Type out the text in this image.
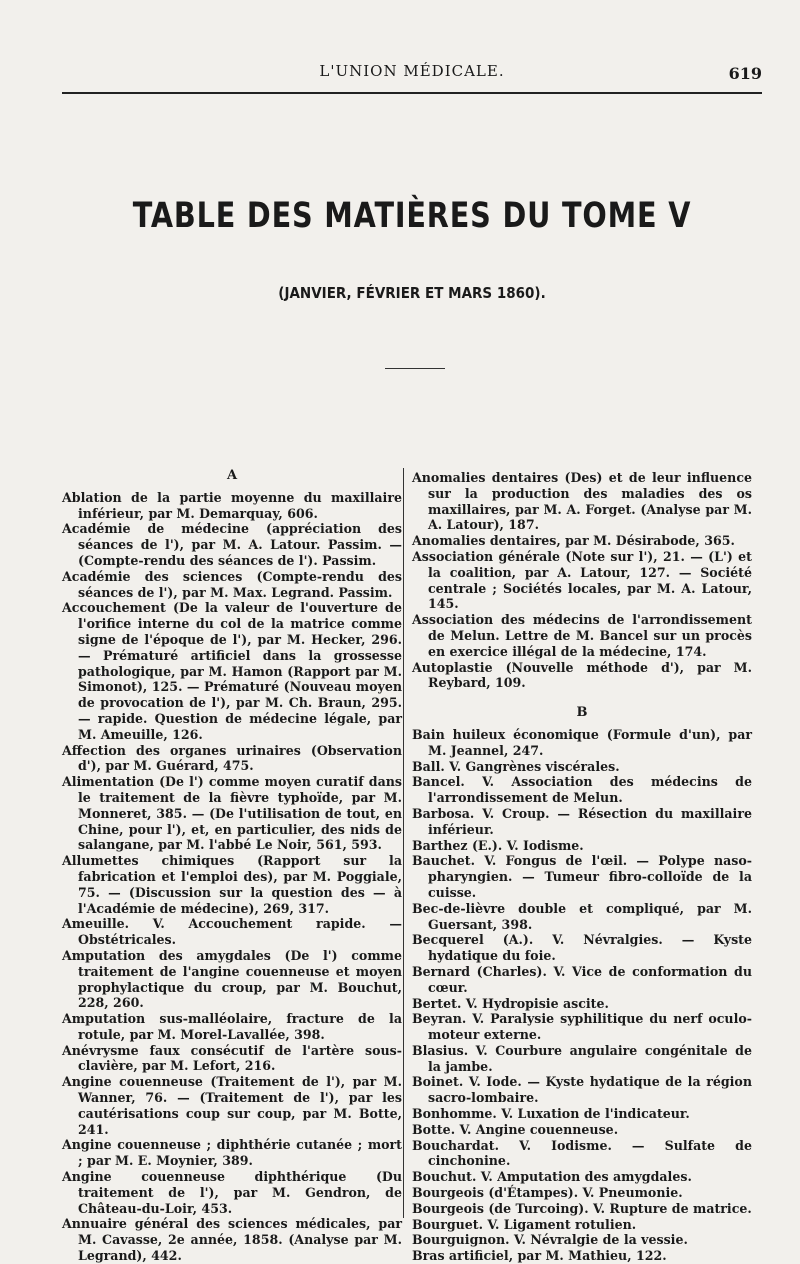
L'UNION MÉDICALE.	619
TABLE DES MATIÈRES DU TOME V
(JANVIER, FÉVRIER ET MARS 1860).
A

Ablation de la partie moyenne du maxillaire inférieur, par M. Demarquay, 606.

Académie de médecine (appréciation des séances de l'), par M. A. Latour. Passim. — (Compte-rendu des séances de l'). Passim.

Académie des sciences (Compte-rendu des séances de l'), par M. Max. Legrand. Passim.

Accouchement (De la valeur de l'ouverture de l'orifice interne du col de la matrice comme signe de l'époque de l'), par M. Hecker, 296. — Prématuré artificiel dans la grossesse pathologique, par M. Hamon (Rapport par M. Simonot), 125. — Prématuré (Nouveau moyen de provocation de l'), par M. Ch. Braun, 295. — rapide. Question de médecine légale, par M. Ameuille, 126.

Affection des organes urinaires (Observation d'), par M. Guérard, 475.

Alimentation (De l') comme moyen curatif dans le traitement de la fièvre typhoïde, par M. Monneret, 385. — (De l'utilisation de tout, en Chine, pour l'), et, en particulier, des nids de salangane, par M. l'abbé Le Noir, 561, 593.

Allumettes chimiques (Rapport sur la fabrication et l'emploi des), par M. Poggiale, 75. — (Discussion sur la question des — à l'Académie de médecine), 269, 317.

Ameuille. V. Accouchement rapide. — Obstétricales.

Amputation des amygdales (De l') comme traitement de l'angine couenneuse et moyen prophylactique du croup, par M. Bouchut, 228, 260.

Amputation sus-malléolaire, fracture de la rotule, par M. Morel-Lavallée, 398.

Anévrysme faux consécutif de l'artère sous-clavière, par M. Lefort, 216.

Angine couenneuse (Traitement de l'), par M. Wanner, 76. — (Traitement de l'), par les cautérisations coup sur coup, par M. Botte, 241.

Angine couenneuse ; diphthérie cutanée ; mort ; par M. E. Moynier, 389.

Angine couenneuse diphthérique (Du traitement de l'), par M. Gendron, de Château-du-Loir, 453.

Annuaire général des sciences médicales, par M. Cavasse, 2e année, 1858. (Analyse par M. Legrand), 442.

Anomalies dentaires (Des) et de leur influence sur la production des maladies des os maxillaires, par M. A. Forget. (Analyse par M. A. Latour), 187.

Anomalies dentaires, par M. Désirabode, 365.

Association générale (Note sur l'), 21. — (L') et la coalition, par A. Latour, 127. — Société centrale ; Sociétés locales, par M. A. Latour, 145.

Association des médecins de l'arrondissement de Melun. Lettre de M. Bancel sur un procès en exercice illégal de la médecine, 174.

Autoplastie (Nouvelle méthode d'), par M. Reybard, 109.

B

Bain huileux économique (Formule d'un), par M. Jeannel, 247.

Ball. V. Gangrènes viscérales.

Bancel. V. Association des médecins de l'arrondissement de Melun.

Barbosa. V. Croup. — Résection du maxillaire inférieur.

Barthez (E.). V. Iodisme.

Bauchet. V. Fongus de l'œil. — Polype naso-pharyngien. — Tumeur fibro-colloïde de la cuisse.

Bec-de-lièvre double et compliqué, par M. Guersant, 398.

Becquerel (A.). V. Névralgies. — Kyste hydatique du foie.

Bernard (Charles). V. Vice de conformation du cœur.

Bertet. V. Hydropisie ascite.

Beyran. V. Paralysie syphilitique du nerf oculo-moteur externe.

Blasius. V. Courbure angulaire congénitale de la jambe.

Boinet. V. Iode. — Kyste hydatique de la région sacro-lombaire.

Bonhomme. V. Luxation de l'indicateur.

Botte. V. Angine couenneuse.

Bouchardat. V. Iodisme. — Sulfate de cinchonine.

Bouchut. V. Amputation des amygdales.

Bourgeois (d'Étampes). V. Pneumonie.

Bourgeois (de Turcoing). V. Rupture de matrice.

Bourguet. V. Ligament rotulien.

Bourguignon. V. Névralgie de la vessie.

Bras artificiel, par M. Mathieu, 122.
